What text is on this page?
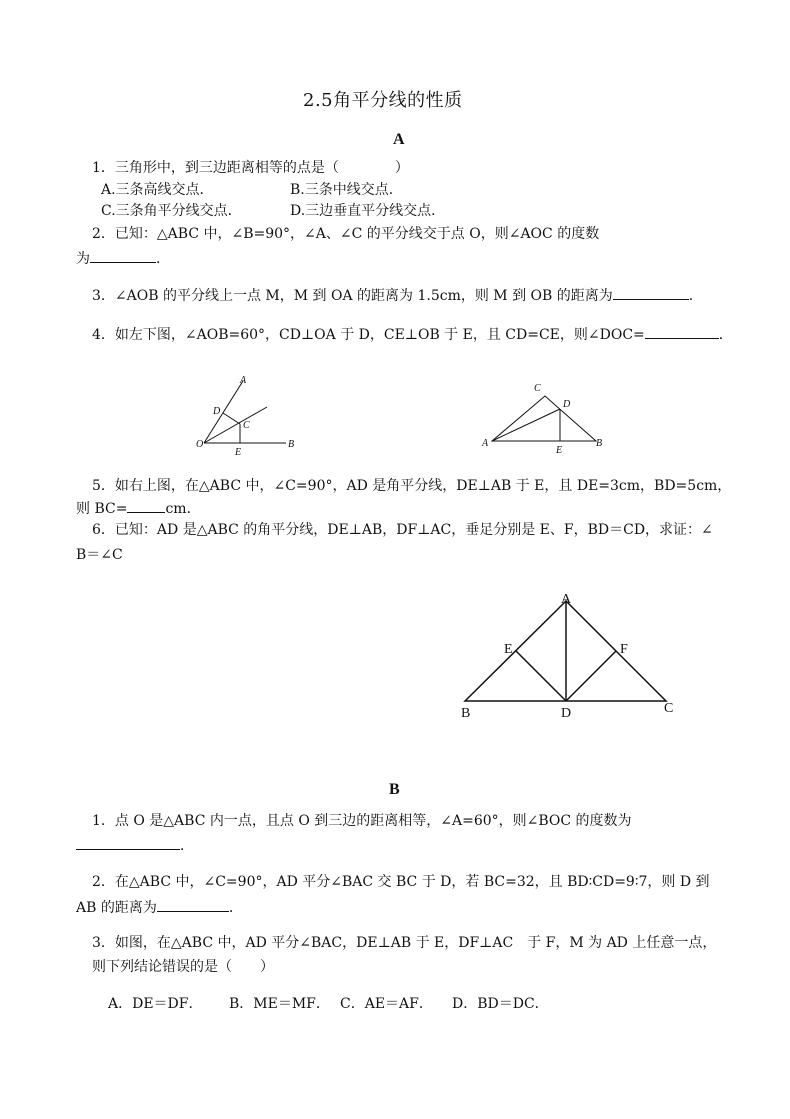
2.5角平分线的性质
A
1．三角形中，到三边距离相等的点是（　　　　）
A.三条高线交点．	B.三条中线交点．
C.三条角平分线交点．	D.三边垂直平分线交点．
2．已知：△ABC 中，∠B=90°，∠A、∠C 的平分线交于点 O，则∠AOC 的度数
为	．
3．∠AOB 的平分线上一点 M，M 到 OA 的距离为 1.5cm，则 M 到 OB 的距离为	．
4．如左下图，∠AOB=60°，CD⊥OA 于 D，CE⊥OB 于 E，且 CD=CE，则∠DOC=	．
A
D
C
O
E
B
C
D
A
E
B
A
E	F
B	D	C
5．如右上图，在△ABC 中，∠C=90°，AD 是角平分线，DE⊥AB 于 E，且 DE=3cm，BD=5cm，
则 BC=	cm．
6．已知：AD 是△ABC 的角平分线，DE⊥AB，DF⊥AC，垂足分别是 E、F，BD＝CD，求证：∠
B＝∠C
B
1．点 O 是△ABC 内一点，且点 O 到三边的距离相等，∠A=60°，则∠BOC 的度数为
．
2．在△ABC 中，∠C=90°，AD 平分∠BAC 交 BC 于 D，若 BC=32，且 BD∶CD=9∶7，则 D 到
AB 的距离为	．
3．如图，在△ABC 中，AD 平分∠BAC，DE⊥AB 于 E，DF⊥AC　于 F，M 为 AD 上任意一点，
则下列结论错误的是（　　）
A．DE＝DF． B．ME＝MF． C．AE＝AF． D．BD＝DC．
